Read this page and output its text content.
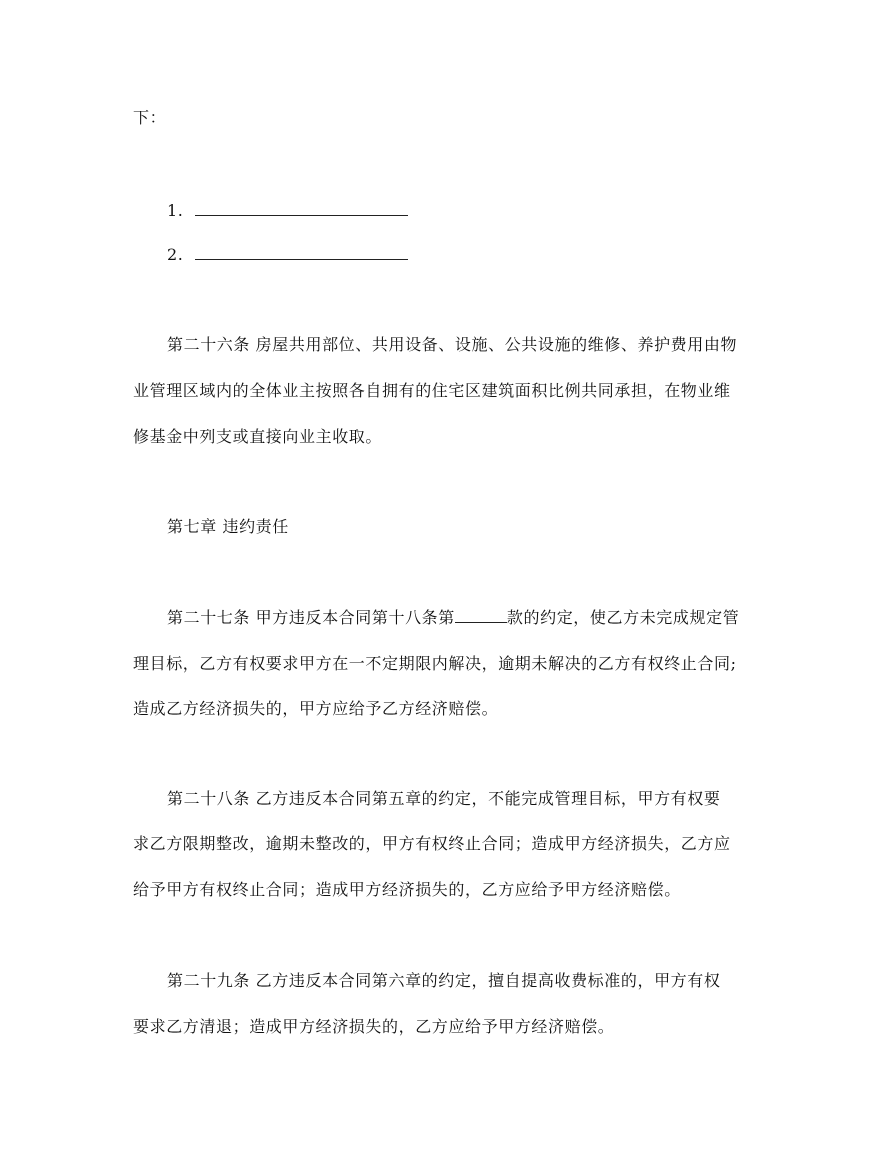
下：
1.
2.
第二十六条 房屋共用部位、共用设备、设施、公共设施的维修、养护费用由物
业管理区域内的全体业主按照各自拥有的住宅区建筑面积比例共同承担，在物业维
修基金中列支或直接向业主收取。
第七章 违约责任
第二十七条 甲方违反本合同第十八条第	款的约定，使乙方未完成规定管
理目标，乙方有权要求甲方在一不定期限内解决，逾期未解决的乙方有权终止合同;
造成乙方经济损失的，甲方应给予乙方经济赔偿。
第二十八条 乙方违反本合同第五章的约定，不能完成管理目标，甲方有权要
求乙方限期整改，逾期未整改的，甲方有权终止合同；造成甲方经济损失，乙方应
给予甲方有权终止合同；造成甲方经济损失的，乙方应给予甲方经济赔偿。
第二十九条 乙方违反本合同第六章的约定，擅自提高收费标准的，甲方有权
要求乙方清退；造成甲方经济损失的，乙方应给予甲方经济赔偿。
